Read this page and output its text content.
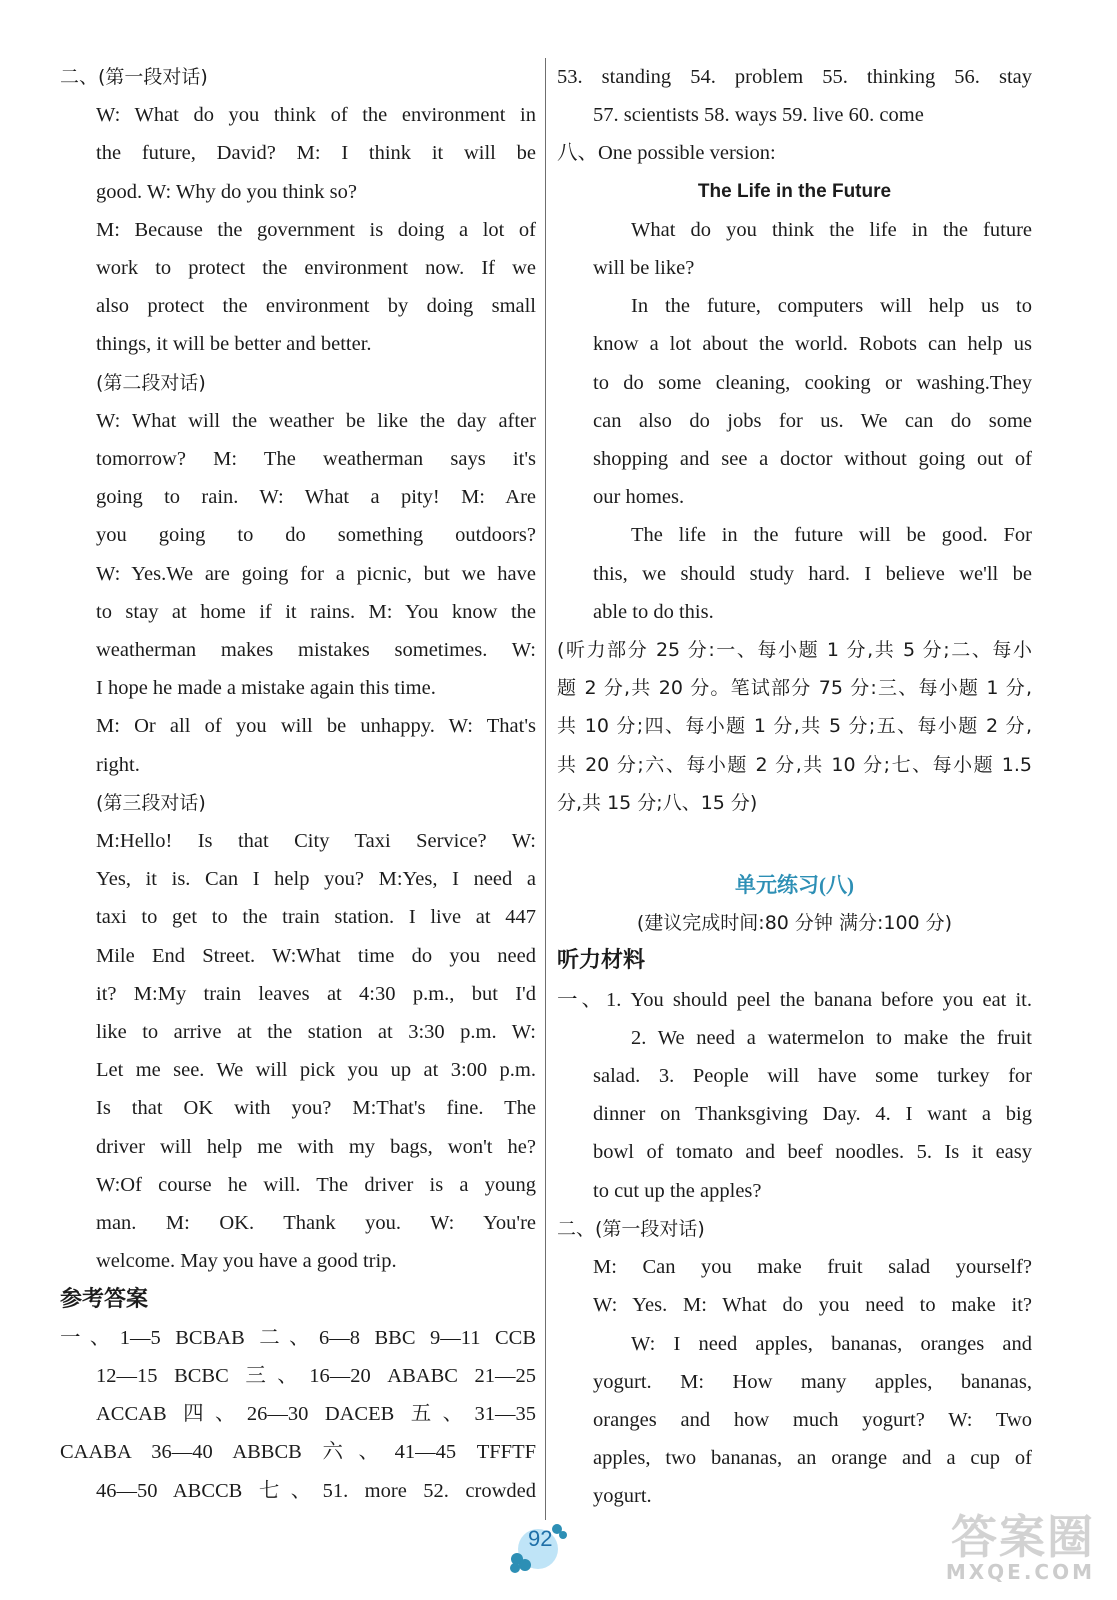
二、(第一段对话)
W: What do you think of the environment in
the future, David? M: I think it will be
good. W: Why do you think so?
M: Because the government is doing a lot of
work to protect the environment now. If we
also protect the environment by doing small
things, it will be better and better.
(第二段对话)
W: What will the weather be like the day after
tomorrow? M: The weatherman says it's
going to rain. W: What a pity! M: Are
you going to do something outdoors?
W: Yes.We are going for a picnic, but we have
to stay at home if it rains. M: You know the
weatherman makes mistakes sometimes. W:
I hope he made a mistake again this time.
M: Or all of you will be unhappy. W: That's
right.
(第三段对话)
M:Hello! Is that City Taxi Service? W:
Yes, it is. Can I help you? M:Yes, I need a
taxi to get to the train station. I live at 447
Mile End Street. W:What time do you need
it? M:My train leaves at 4:30 p.m., but I'd
like to arrive at the station at 3:30 p.m. W:
Let me see. We will pick you up at 3:00 p.m.
Is that OK with you? M:That's fine. The
driver will help me with my bags, won't he?
W:Of course he will. The driver is a young
man. M: OK. Thank you. W: You're
welcome. May you have a good trip.
参考答案
一、1—5 BCBAB 二、6—8 BBC 9—11 CCB
12—15 BCBC 三、16—20 ABABC 21—25
ACCAB 四、26—30 DACEB 五、31—35
CAABA 36—40 ABBCB 六、41—45 TFFTF
46—50 ABCCB 七、51. more 52. crowded
53. standing 54. problem 55. thinking 56. stay
57. scientists 58. ways 59. live 60. come
八、One possible version:
The Life in the Future
What do you think the life in the future
will be like?
In the future, computers will help us to
know a lot about the world. Robots can help us
to do some cleaning, cooking or washing.They
can also do jobs for us. We can do some
shopping and see a doctor without going out of
our homes.
The life in the future will be good. For
this, we should study hard. I believe we'll be
able to do this.
(听力部分 25 分:一、每小题 1 分,共 5 分;二、每小
题 2 分,共 20 分。笔试部分 75 分:三、每小题 1 分,
共 10 分;四、每小题 1 分,共 5 分;五、每小题 2 分,
共 20 分;六、每小题 2 分,共 10 分;七、每小题 1.5
分,共 15 分;八、15 分)
单元练习(八)
(建议完成时间:80 分钟 满分:100 分)
听力材料
一、1. You should peel the banana before you eat it.
2. We need a watermelon to make the fruit
salad. 3. People will have some turkey for
dinner on Thanksgiving Day. 4. I want a big
bowl of tomato and beef noodles. 5. Is it easy
to cut up the apples?
二、(第一段对话)
M: Can you make fruit salad yourself?
W: Yes. M: What do you need to make it?
W: I need apples, bananas, oranges and
yogurt. M: How many apples, bananas,
oranges and how much yogurt? W: Two
apples, two bananas, an orange and a cup of
yogurt.
92	答案圈
MXQE.COM
